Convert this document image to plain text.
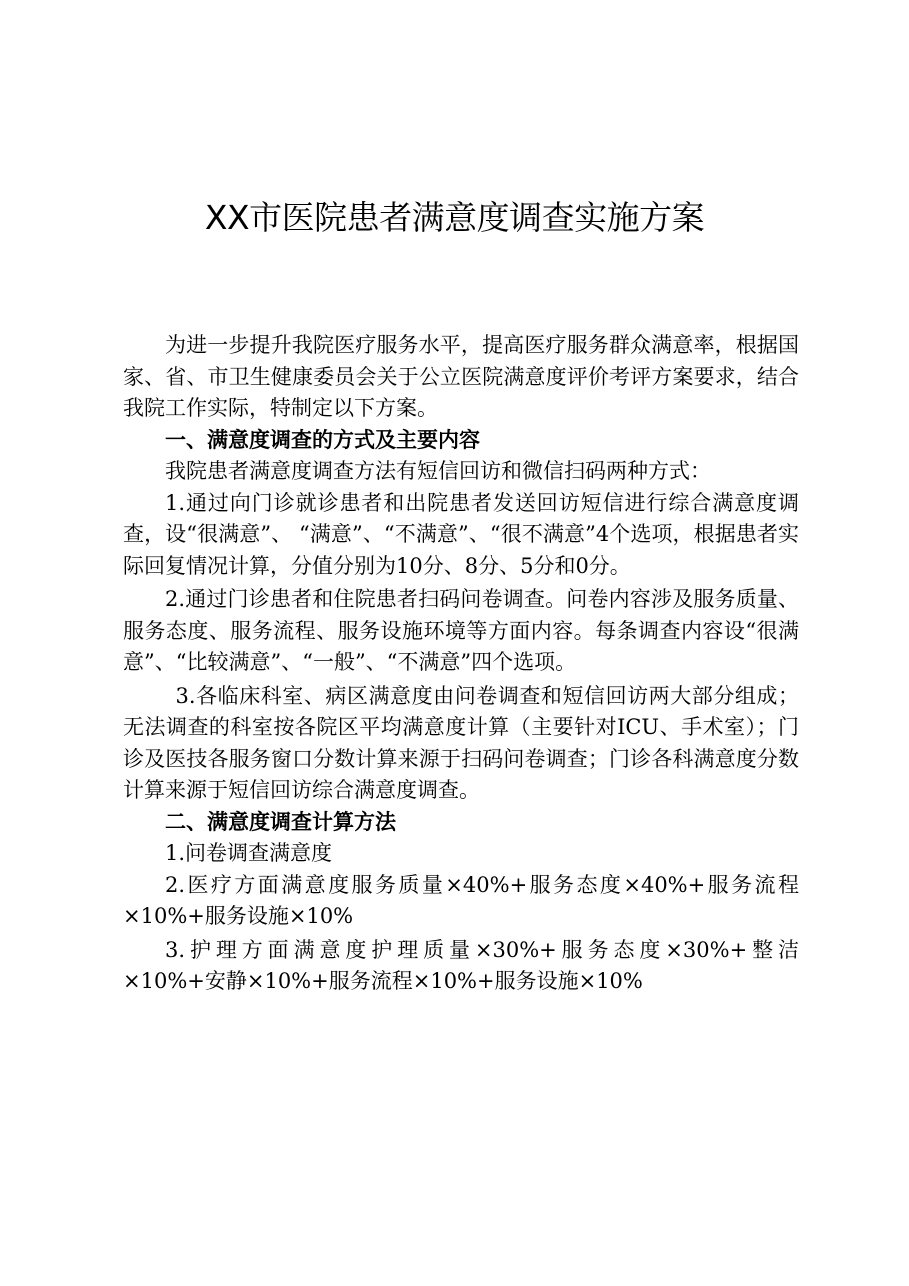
XX市医院患者满意度调查实施方案

为进一步提升我院医疗服务水平，提高医疗服务群众满意率，根据国家、省、市卫生健康委员会关于公立医院满意度评价考评方案要求，结合我院工作实际，特制定以下方案。

一、满意度调查的方式及主要内容

我院患者满意度调查方法有短信回访和微信扫码两种方式：

1.通过向门诊就诊患者和出院患者发送回访短信进行综合满意度调查，设“很满意”、 “满意”、“不满意”、“很不满意”4个选项，根据患者实际回复情况计算，分值分别为10分、8分、5分和0分。

2.通过门诊患者和住院患者扫码问卷调查。问卷内容涉及服务质量、服务态度、服务流程、服务设施环境等方面内容。每条调查内容设“很满意”、“比较满意”、“一般”、“不满意”四个选项。

3.各临床科室、病区满意度由问卷调查和短信回访两大部分组成；无法调查的科室按各院区平均满意度计算（主要针对ICU、手术室）；门诊及医技各服务窗口分数计算来源于扫码问卷调查；门诊各科满意度分数计算来源于短信回访综合满意度调查。

二、满意度调查计算方法

1.问卷调查满意度

2.医疗方面满意度服务质量×40%+服务态度×40%+服务流程×10%+服务设施×10%

3.护理方面满意度护理质量×30%+服务态度×30%+整洁×10%+安静×10%+服务流程×10%+服务设施×10%
